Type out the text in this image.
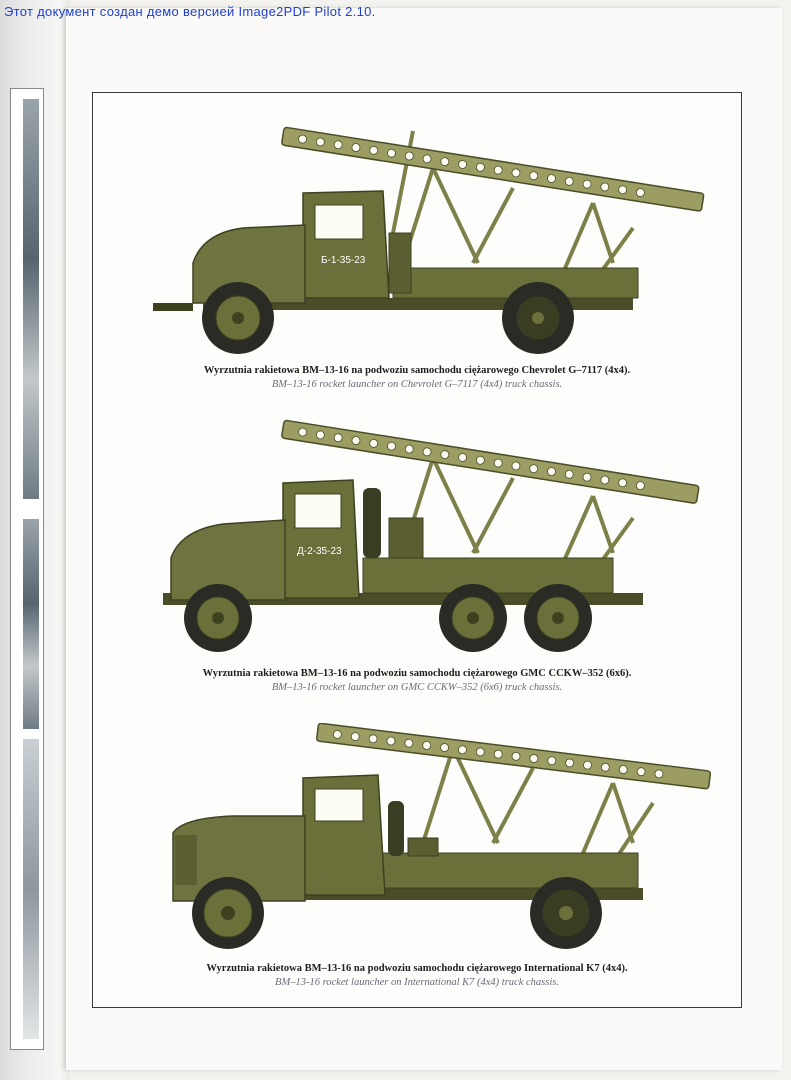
Этот документ создан демо версией Image2PDF Pilot 2.10.
Б-1-35-23
Wyrzutnia rakietowa BM–13-16 na podwoziu samochodu ciężarowego Chevrolet G–7117 (4x4).
BM–13-16 rocket launcher on Chevrolet G–7117 (4x4) truck chassis.
Д-2-35-23
Wyrzutnia rakietowa BM–13-16 na podwoziu samochodu ciężarowego GMC CCKW–352 (6x6).
BM–13-16 rocket launcher on GMC CCKW–352 (6x6) truck chassis.
Wyrzutnia rakietowa BM–13-16 na podwoziu samochodu ciężarowego International K7 (4x4).
BM–13-16 rocket launcher on International K7 (4x4) truck chassis.
